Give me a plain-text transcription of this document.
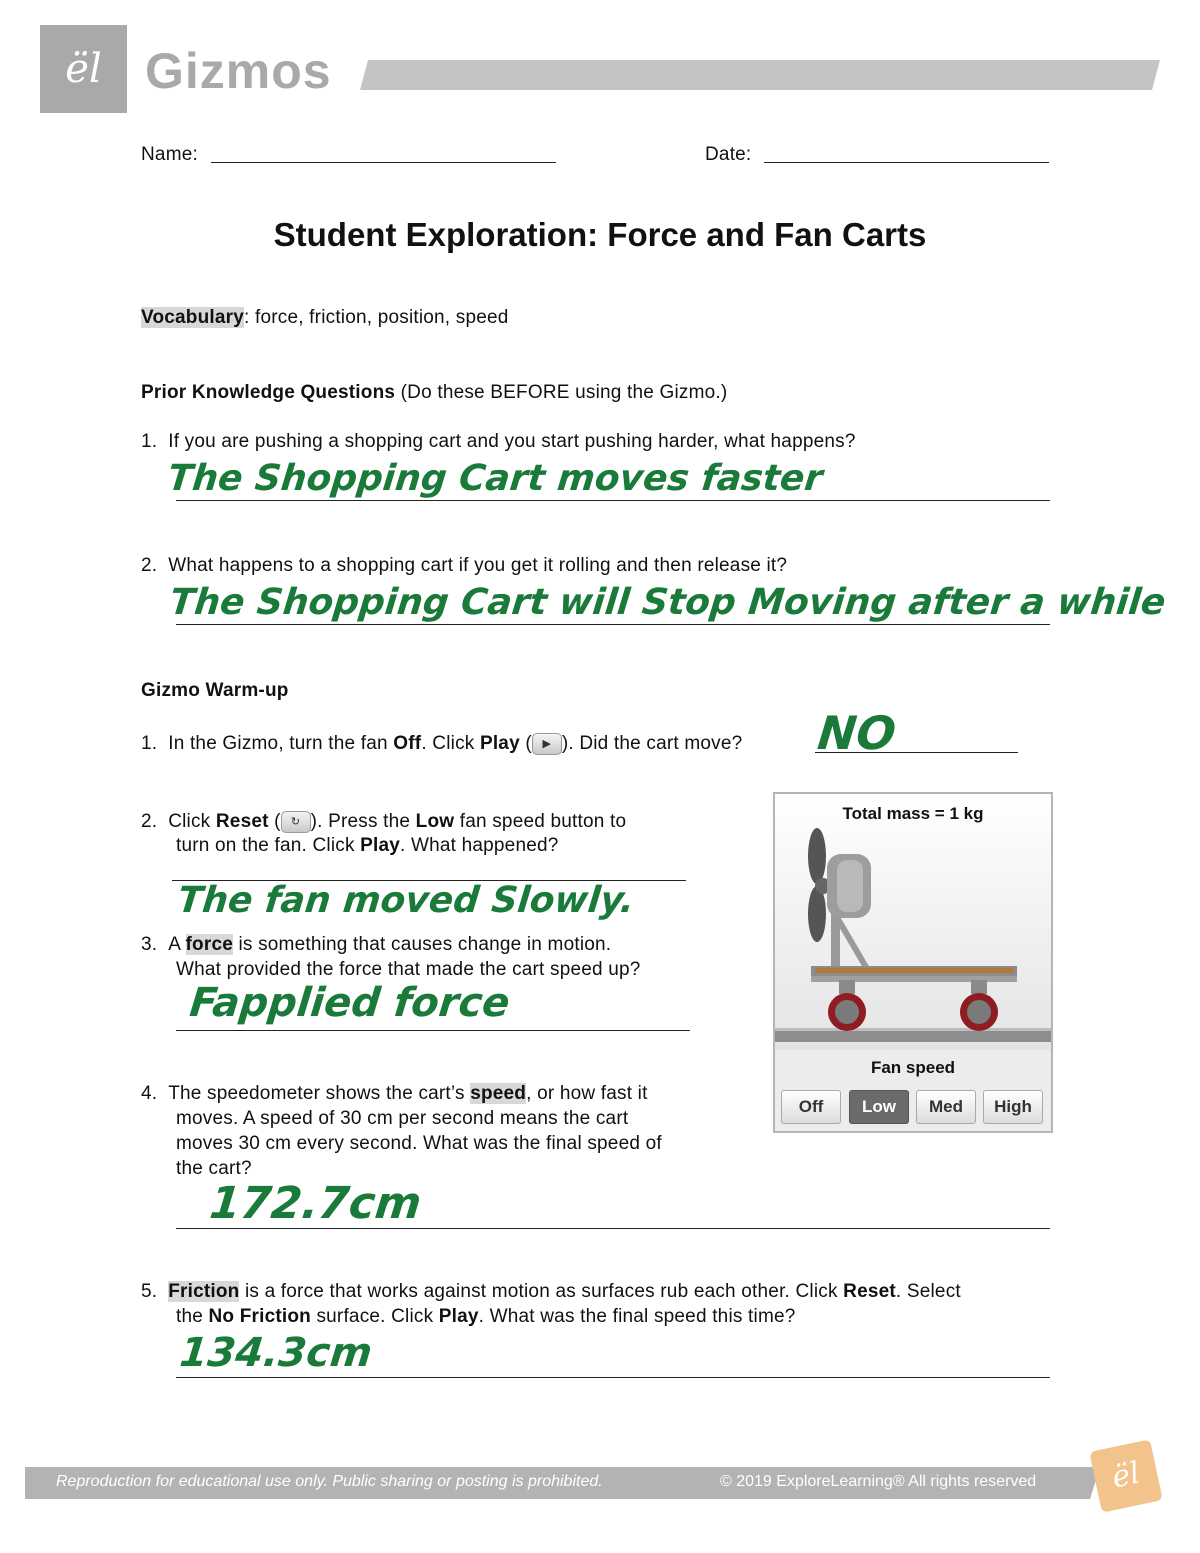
ël Gizmos
Name:	Date:
Student Exploration: Force and Fan Carts
Vocabulary: force, friction, position, speed
Prior Knowledge Questions (Do these BEFORE using the Gizmo.)
1. If you are pushing a shopping cart and you start pushing harder, what happens?
The Shopping Cart moves faster
2. What happens to a shopping cart if you get it rolling and then release it?
The Shopping Cart will Stop Moving after a while
Gizmo Warm-up
1. In the Gizmo, turn the fan Off. Click Play ( ▶ ). Did the cart move? NO
2. Click Reset ( ↻ ). Press the Low fan speed button to
turn on the fan. Click Play. What happened?
The fan moved Slowly.
3. A force is something that causes change in motion.
What provided the force that made the cart speed up?
Fapplied force
4. The speedometer shows the cart’s speed, or how fast it
moves. A speed of 30 cm per second means the cart
moves 30 cm every second. What was the final speed of
the cart?
172.7cm
5. Friction is a force that works against motion as surfaces rub each other. Click Reset. Select
the No Friction surface. Click Play. What was the final speed this time?
134.3cm
Total mass = 1 kg
Fan speed
Off	Low	Med	High
Reproduction for educational use only. Public sharing or posting is prohibited.	© 2019 ExploreLearning® All rights reserved	ël
